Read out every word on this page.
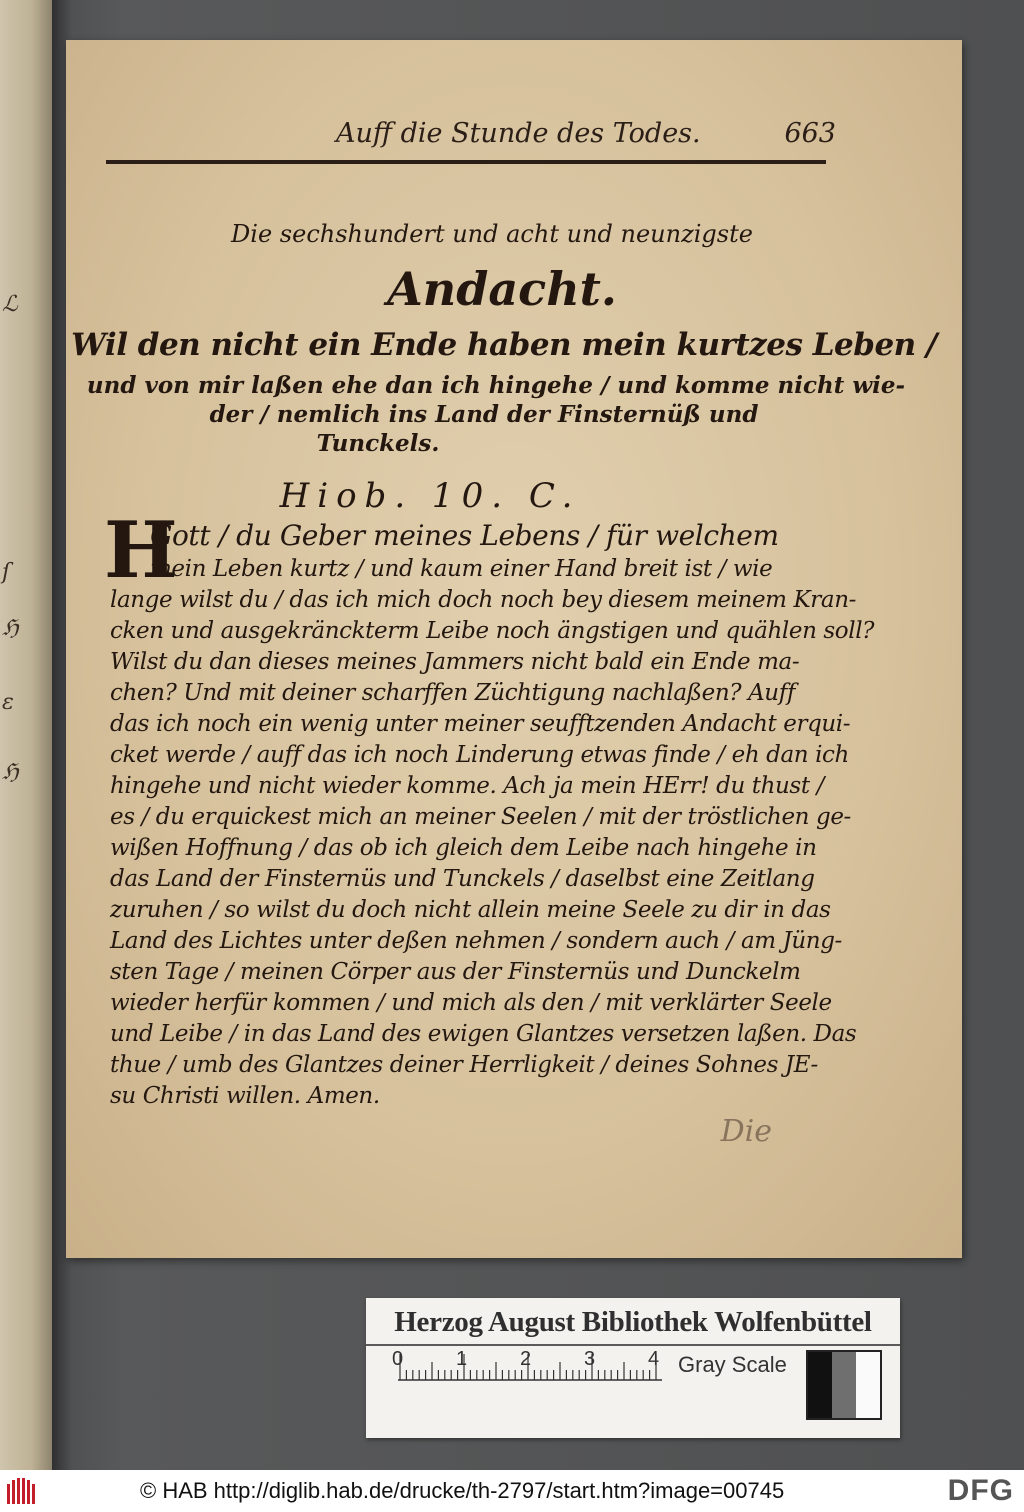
ℒ
ſ
ℌ
ɛ
ℌ
Auff die Stunde des Todes.	663
Die sechshundert und acht und neunzigste
Andacht.
Wil den nicht ein Ende haben mein kurtzes Leben /
und von mir laßen ehe dan ich hingehe / und komme nicht wie-
der / nemlich ins Land der Finsternüß und
Tunckels.
Hiob. 10. C.
H
Gott / du Geber meines Lebens / für welchem
mein Leben kurtz / und kaum einer Hand breit ist / wie
lange wilst du / das ich mich doch noch bey diesem meinem Kran-
cken und ausgekränckterm Leibe noch ängstigen und quählen soll?
Wilst du dan dieses meines Jammers nicht bald ein Ende ma-
chen? Und mit deiner scharffen Züchtigung nachlaßen? Auff
das ich noch ein wenig unter meiner seufftzenden Andacht erqui-
cket werde / auff das ich noch Linderung etwas finde / eh dan ich
hingehe und nicht wieder komme. Ach ja mein HErr! du thust /
es / du erquickest mich an meiner Seelen / mit der tröstlichen ge-
wißen Hoffnung / das ob ich gleich dem Leibe nach hingehe in
das Land der Finsternüs und Tunckels / daselbst eine Zeitlang
zuruhen / so wilst du doch nicht allein meine Seele zu dir in das
Land des Lichtes unter deßen nehmen / sondern auch / am Jüng-
sten Tage / meinen Cörper aus der Finsternüs und Dunckelm
wieder herfür kommen / und mich als den / mit verklärter Seele
und Leibe / in das Land des ewigen Glantzes versetzen laßen. Das
thue / umb des Glantzes deiner Herrligkeit / deines Sohnes JE-
su Christi willen. Amen.
Die
Herzog August Bibliothek Wolfenbüttel
0	1	2	3	4 Gray Scale
© HAB http://diglib.hab.de/drucke/th-2797/start.htm?image=00745	DFG
